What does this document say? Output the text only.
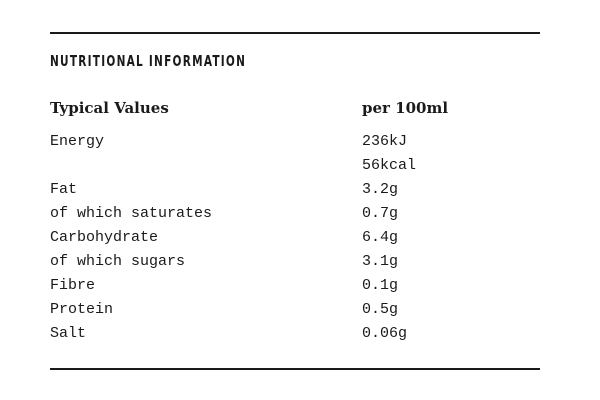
NUTRITIONAL INFORMATION
Typical Values	per 100ml
Energy	236kJ
56kcal
Fat	3.2g
of which saturates	0.7g
Carbohydrate	6.4g
of which sugars	3.1g
Fibre	0.1g
Protein	0.5g
Salt	0.06g
